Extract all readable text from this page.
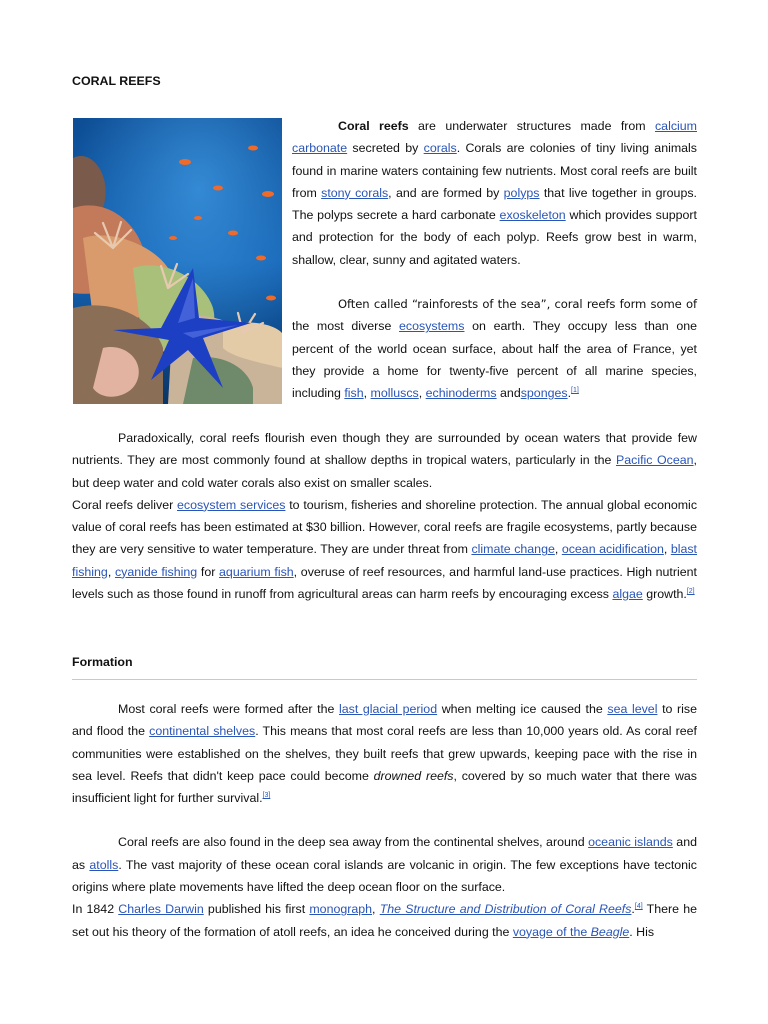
CORAL REEFS

Coral reefs are underwater structures made from calcium carbonate secreted by corals. Corals are colonies of tiny living animals found in marine waters containing few nutrients. Most coral reefs are built from stony corals, and are formed by polyps that live together in groups. The polyps secrete a hard carbonate exoskeleton which provides support and protection for the body of each polyp. Reefs grow best in warm, shallow, clear, sunny and agitated waters.

Often called “rainforests of the sea”, coral reefs form some of the most diverse ecosystems on earth. They occupy less than one percent of the world ocean surface, about half the area of France, yet they provide a home for twenty-five percent of all marine species, including fish, molluscs, echinoderms andsponges.[1]

Paradoxically, coral reefs flourish even though they are surrounded by ocean waters that provide few nutrients. They are most commonly found at shallow depths in tropical waters, particularly in the Pacific Ocean, but deep water and cold water corals also exist on smaller scales.

Coral reefs deliver ecosystem services to tourism, fisheries and shoreline protection. The annual global economic value of coral reefs has been estimated at $30 billion. However, coral reefs are fragile ecosystems, partly because they are very sensitive to water temperature. They are under threat from climate change, ocean acidification, blast fishing, cyanide fishing for aquarium fish, overuse of reef resources, and harmful land-use practices. High nutrient levels such as those found in runoff from agricultural areas can harm reefs by encouraging excess algae growth.[2]

Formation

Most coral reefs were formed after the last glacial period when melting ice caused the sea level to rise and flood the continental shelves. This means that most coral reefs are less than 10,000 years old. As coral reef communities were established on the shelves, they built reefs that grew upwards, keeping pace with the rise in sea level. Reefs that didn't keep pace could become drowned reefs, covered by so much water that there was insufficient light for further survival.[3]

Coral reefs are also found in the deep sea away from the continental shelves, around oceanic islands and as atolls. The vast majority of these ocean coral islands are volcanic in origin. The few exceptions have tectonic origins where plate movements have lifted the deep ocean floor on the surface.

In 1842 Charles Darwin published his first monograph, The Structure and Distribution of Coral Reefs.[4] There he set out his theory of the formation of atoll reefs, an idea he conceived during the voyage of the Beagle. His
